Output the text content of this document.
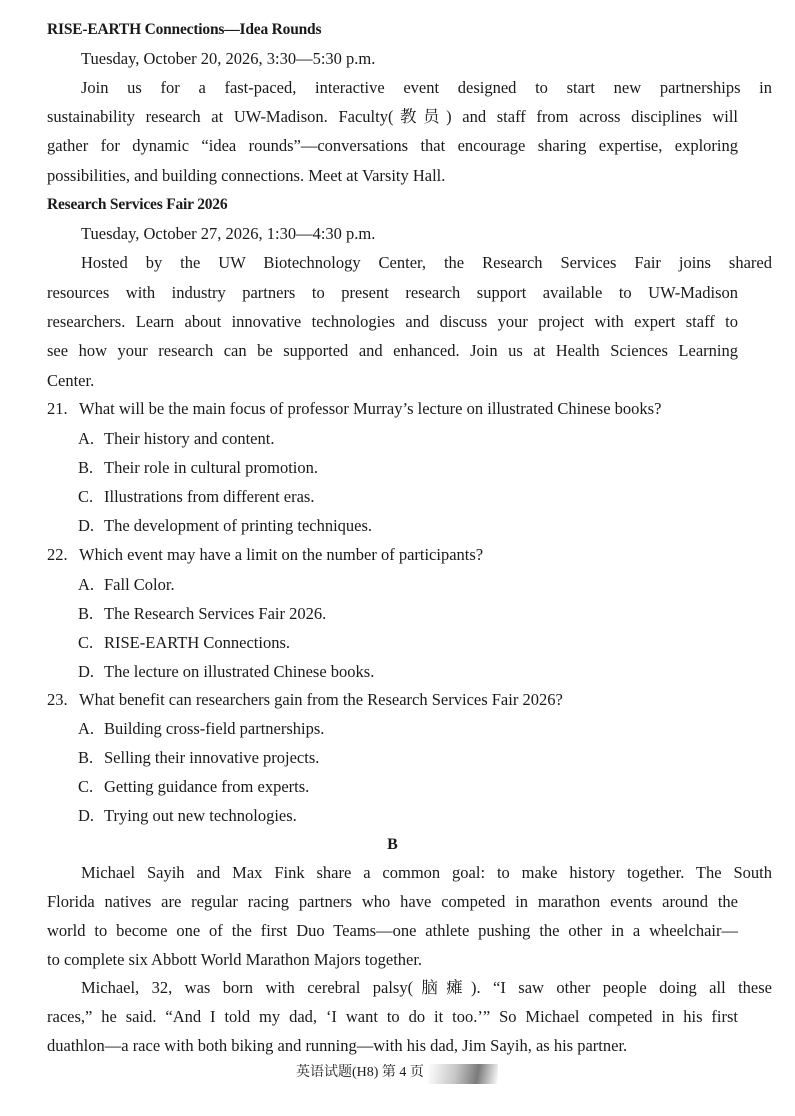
RISE-EARTH Connections—Idea Rounds
Tuesday, October 20, 2026, 3:30—5:30 p.m.
Join us for a fast-paced, interactive event designed to start new partnerships in
sustainability research at UW-Madison. Faculty(教员) and staff from across disciplines will
gather for dynamic “idea rounds”—conversations that encourage sharing expertise, exploring
possibilities, and building connections. Meet at Varsity Hall.
Research Services Fair 2026
Tuesday, October 27, 2026, 1:30—4:30 p.m.
Hosted by the UW Biotechnology Center, the Research Services Fair joins shared
resources with industry partners to present research support available to UW-Madison
researchers. Learn about innovative technologies and discuss your project with expert staff to
see how your research can be supported and enhanced. Join us at Health Sciences Learning
Center.
21. What will be the main focus of professor Murray’s lecture on illustrated Chinese books?
A. Their history and content.
B. Their role in cultural promotion.
C. Illustrations from different eras.
D. The development of printing techniques.
22. Which event may have a limit on the number of participants?
A. Fall Color.
B. The Research Services Fair 2026.
C. RISE-EARTH Connections.
D. The lecture on illustrated Chinese books.
23. What benefit can researchers gain from the Research Services Fair 2026?
A. Building cross-field partnerships.
B. Selling their innovative projects.
C. Getting guidance from experts.
D. Trying out new technologies.
B
Michael Sayih and Max Fink share a common goal: to make history together. The South
Florida natives are regular racing partners who have competed in marathon events around the
world to become one of the first Duo Teams—one athlete pushing the other in a wheelchair—
to complete six Abbott World Marathon Majors together.
Michael, 32, was born with cerebral palsy(脑瘫). “I saw other people doing all these
races,” he said. “And I told my dad, ‘I want to do it too.’” So Michael competed in his first
duathlon—a race with both biking and running—with his dad, Jim Sayih, as his partner.
英语试题(H8) 第 4 页
